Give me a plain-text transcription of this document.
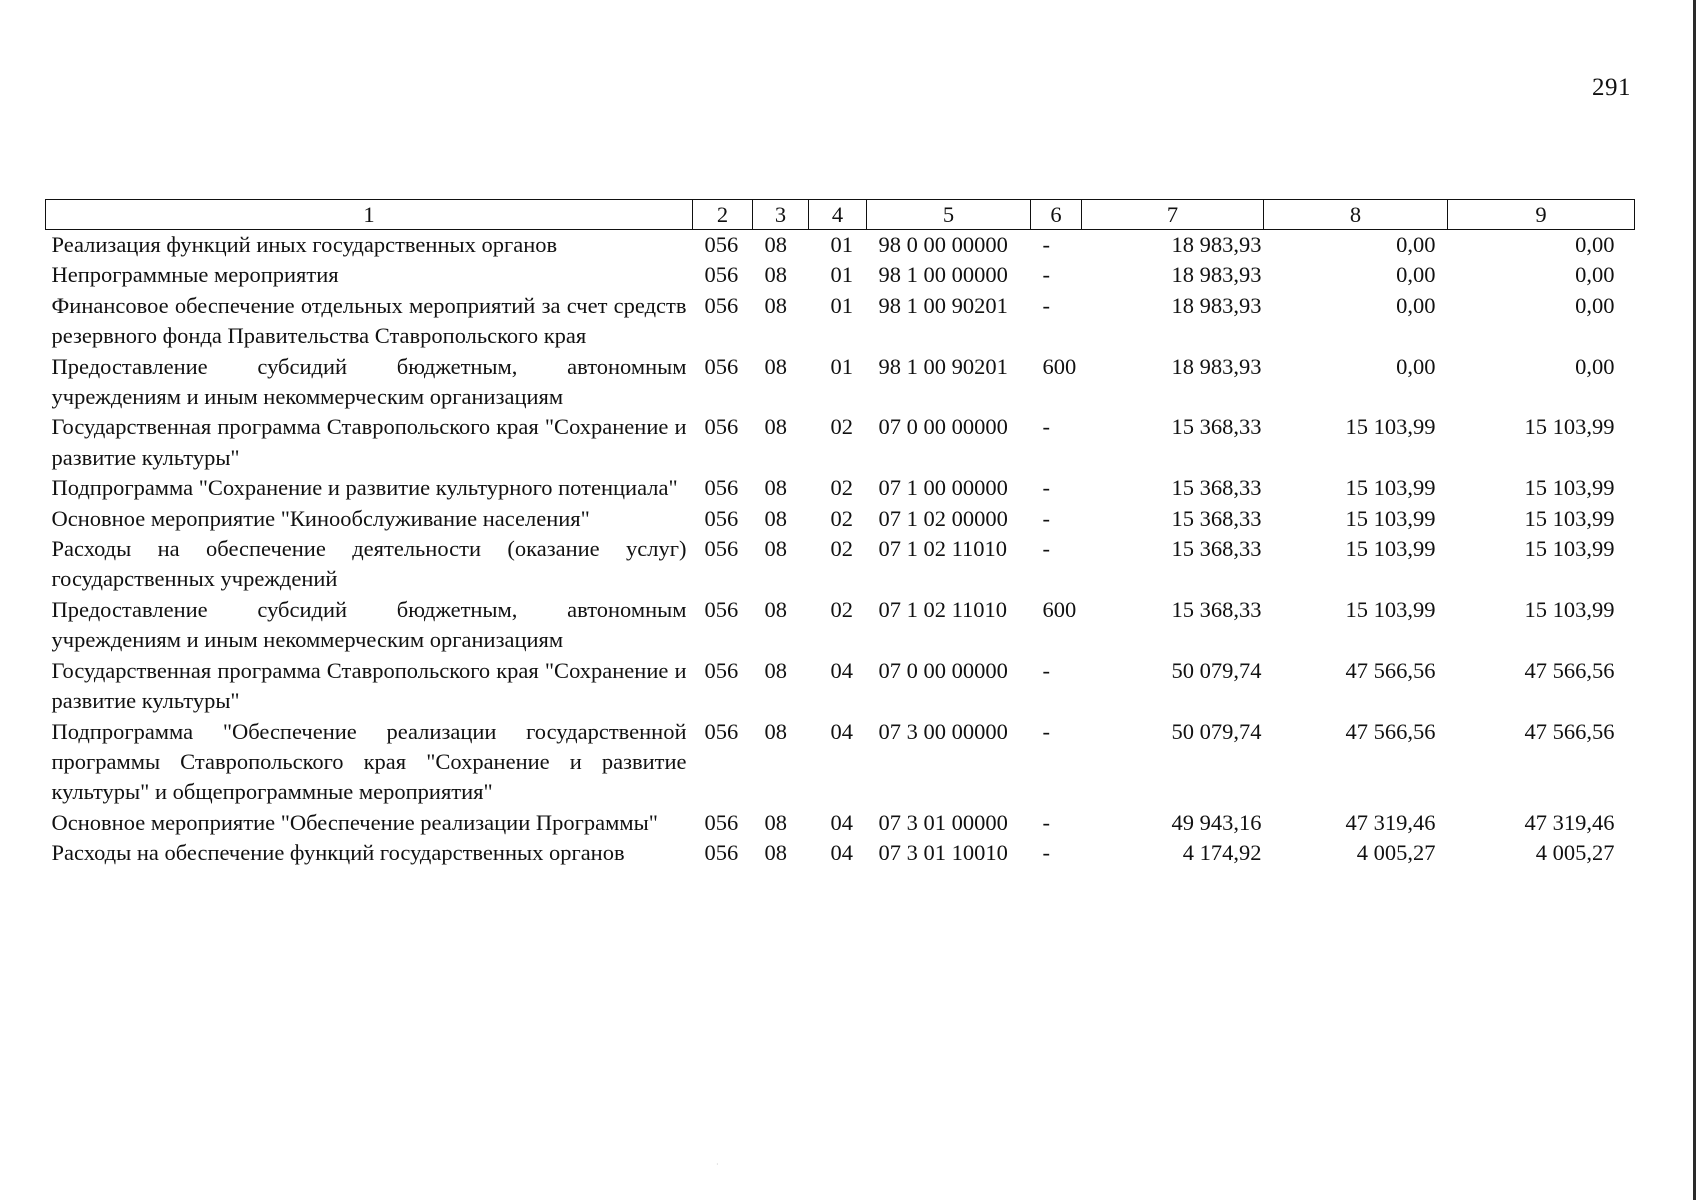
291
1	2	3	4	5	6	7	8	9
Реализация функций иных государственных органов	056	08	01	98 0 00 00000	-	18 983,93	0,00	0,00
Непрограммные мероприятия	056	08	01	98 1 00 00000	-	18 983,93	0,00	0,00
Финансовое обеспечение отдельных мероприятий за счет средств резервного фонда Правительства Ставропольского края	056	08	01	98 1 00 90201	-	18 983,93	0,00	0,00
Предоставление субсидий бюджетным, автономным учреждениям и иным некоммерческим организациям	056	08	01	98 1 00 90201	600	18 983,93	0,00	0,00
Государственная программа Ставропольского края "Сохранение и развитие культуры"	056	08	02	07 0 00 00000	-	15 368,33	15 103,99	15 103,99
Подпрограмма "Сохранение и развитие культурного потенциала"	056	08	02	07 1 00 00000	-	15 368,33	15 103,99	15 103,99
Основное мероприятие "Кинообслуживание населения"	056	08	02	07 1 02 00000	-	15 368,33	15 103,99	15 103,99
Расходы на обеспечение деятельности (оказание услуг) государственных учреждений	056	08	02	07 1 02 11010	-	15 368,33	15 103,99	15 103,99
Предоставление субсидий бюджетным, автономным учреждениям и иным некоммерческим организациям	056	08	02	07 1 02 11010	600	15 368,33	15 103,99	15 103,99
Государственная программа Ставропольского края "Сохранение и развитие культуры"	056	08	04	07 0 00 00000	-	50 079,74	47 566,56	47 566,56
Подпрограмма "Обеспечение реализации государственной программы Ставропольского края "Сохранение и развитие культуры" и общепрограммные мероприятия"	056	08	04	07 3 00 00000	-	50 079,74	47 566,56	47 566,56
Основное мероприятие "Обеспечение реализации Программы"	056	08	04	07 3 01 00000	-	49 943,16	47 319,46	47 319,46
Расходы на обеспечение функций государственных органов	056	08	04	07 3 01 10010	-	4 174,92	4 005,27	4 005,27
·
